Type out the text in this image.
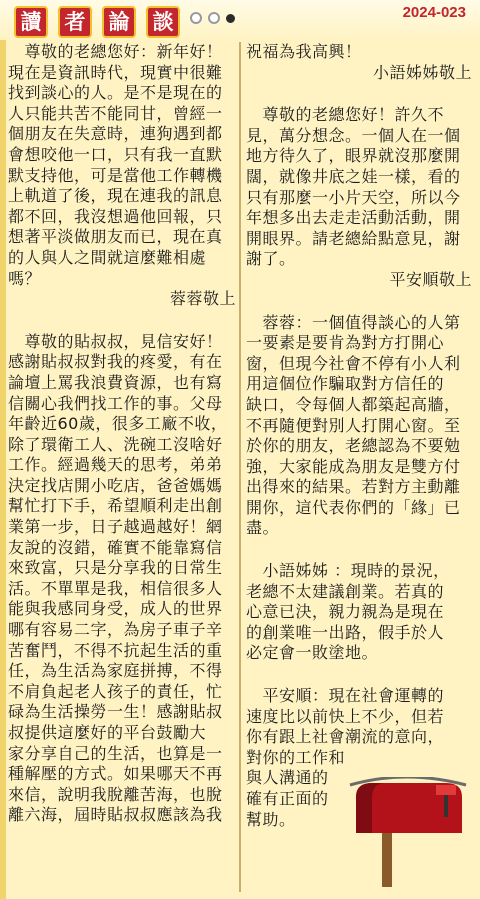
讀	者	論	談	2024-023

　尊敬的老總您好：新年好！

現在是資訊時代，現實中很難

找到談心的人。是不是現在的

人只能共苦不能同甘，曾經一

個朋友在失意時，連狗遇到都

會想咬他一口，只有我一直默

默支持他，可是當他工作轉機

上軌道了後，現在連我的訊息

都不回，我沒想過他回報，只

想著平淡做朋友而已，現在真

的人與人之間就這麼難相處

嗎？

蓉蓉敬上

　尊敬的貼叔叔，見信安好！

感謝貼叔叔對我的疼愛，有在

論壇上罵我浪費資源，也有寫

信關心我們找工作的事。父母

年齡近60歲，很多工廠不收，

除了環衛工人、洗碗工沒啥好

工作。經過幾天的思考，弟弟

決定找店開小吃店，爸爸媽媽

幫忙打下手，希望順利走出創

業第一步，日子越過越好！網

友說的沒錯，確實不能靠寫信

來致富，只是分享我的日常生

活。不單單是我，相信很多人

能與我感同身受，成人的世界

哪有容易二字，為房子車子辛

苦奮鬥，不得不抗起生活的重

任，為生活為家庭拼搏，不得

不肩負起老人孩子的責任，忙

碌為生活操勞一生！感謝貼叔

叔提供這麼好的平台鼓勵大

家分享自己的生活，也算是一

種解壓的方式。如果哪天不再

來信，說明我脫離苦海，也脫

離六海，屆時貼叔叔應該為我

祝福為我高興！

小語姊姊敬上

　尊敬的老總您好！許久不

見，萬分想念。一個人在一個

地方待久了，眼界就沒那麼開

闊，就像井底之娃一樣，看的

只有那麼一小片天空，所以今

年想多出去走走活動活動，開

開眼界。請老總給點意見，謝

謝了。

平安順敬上

　蓉蓉：一個值得談心的人第

一要素是要肯為對方打開心

窗，但現今社會不停有小人利

用這個位作騙取對方信任的

缺口，令每個人都築起高牆，

不再隨便對別人打開心窗。至

於你的朋友，老總認為不要勉

強，大家能成為朋友是雙方付

出得來的結果。若對方主動離

開你，這代表你們的「緣」已

盡。

　小語姊姊 ：現時的景況，

老總不太建議創業。若真的

心意已決，親力親為是現在

的創業唯一出路，假手於人

必定會一敗塗地。

　平安順：現在社會運轉的

速度比以前快上不少，但若

你有跟上社會潮流的意向，

對你的工作和

與人溝通的

確有正面的

幫助。
